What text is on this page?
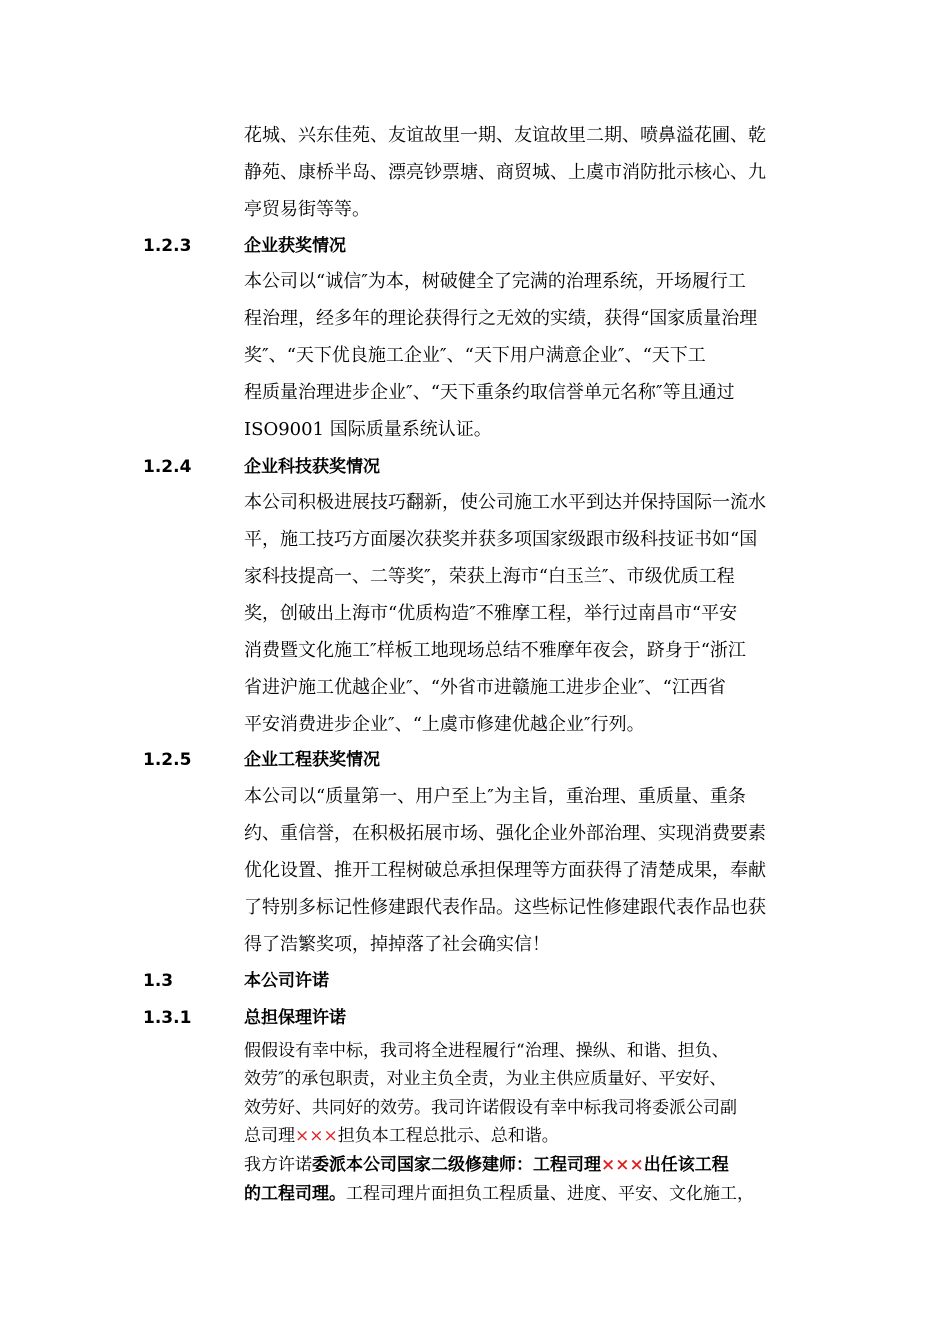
花城、兴东佳苑、友谊故里一期、友谊故里二期、喷鼻溢花圃、乾
静苑、康桥半岛、漂亮钞票塘、商贸城、上虞市消防批示核心、九
亭贸易街等等。
1.2.3	企业获奖情况
本公司以“诚信″为本，树破健全了完满的治理系统，开场履行工
程治理，经多年的理论获得行之无效的实绩，获得“国家质量治理
奖″、“天下优良施工企业″、“天下用户满意企业″、“天下工
程质量治理进步企业″、“天下重条约取信誉单元名称″等且通过
ISO9001 国际质量系统认证。
1.2.4	企业科技获奖情况
本公司积极进展技巧翻新，使公司施工水平到达并保持国际一流水
平，施工技巧方面屡次获奖并获多项国家级跟市级科技证书如“国
家科技提高一、二等奖″，荣获上海市“白玉兰″、市级优质工程
奖，创破出上海市“优质构造″不雅摩工程，举行过南昌市“平安
消费暨文化施工″样板工地现场总结不雅摩年夜会，跻身于“浙江
省进沪施工优越企业″、“外省市进赣施工进步企业″、“江西省
平安消费进步企业″、“上虞市修建优越企业″行列。
1.2.5	企业工程获奖情况
本公司以“质量第一、用户至上″为主旨，重治理、重质量、重条
约、重信誉，在积极拓展市场、强化企业外部治理、实现消费要素
优化设置、推开工程树破总承担保理等方面获得了清楚成果，奉献
了特别多标记性修建跟代表作品。这些标记性修建跟代表作品也获
得了浩繁奖项，掉掉落了社会确实信！
1.3	本公司许诺
1.3.1	总担保理许诺
假假设有幸中标，我司将全进程履行“治理、操纵、和谐、担负、
效劳″的承包职责，对业主负全责，为业主供应质量好、平安好、
效劳好、共同好的效劳。我司许诺假设有幸中标我司将委派公司副
总司理×××担负本工程总批示、总和谐。
我方许诺委派本公司国家二级修建师：工程司理×××出任该工程
的工程司理。工程司理片面担负工程质量、进度、平安、文化施工，
